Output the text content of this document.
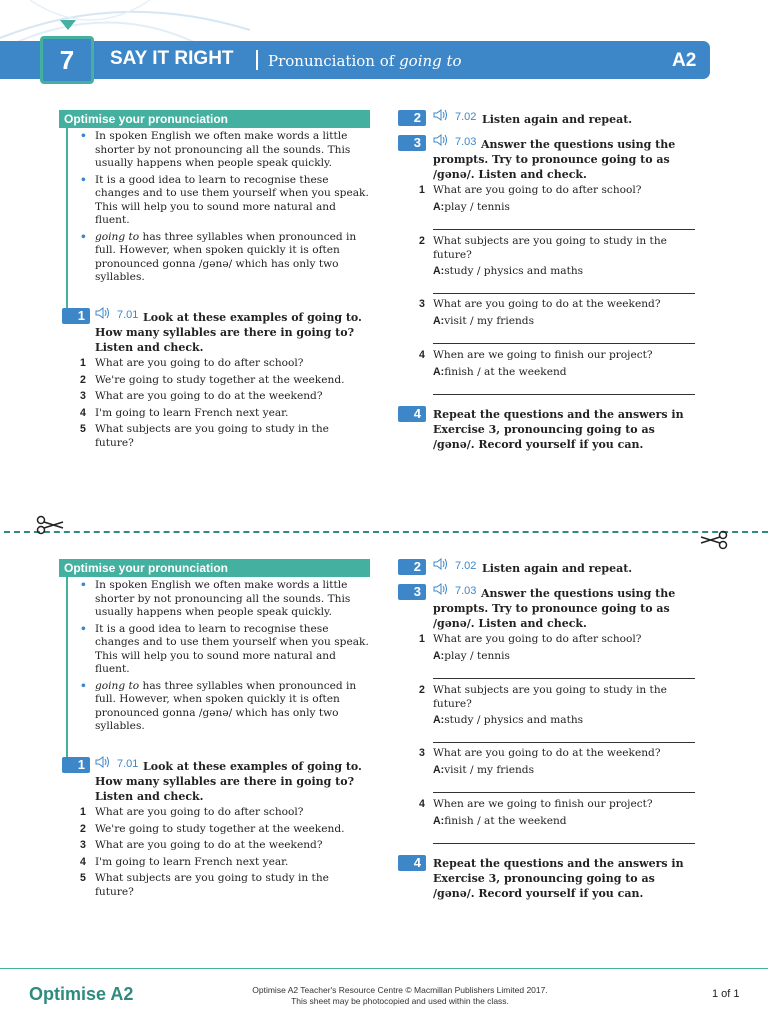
7 SAY IT RIGHT Pronunciation of going to	A2
Optimise your pronunciation
• In spoken English we often make words a little shorter by not pronouncing all the sounds. This usually happens when people speak quickly.
• It is a good idea to learn to recognise these changes and to use them yourself when you speak. This will help you to sound more natural and fluent.
• going to has three syllables when pronounced in full. However, when spoken quickly it is often pronounced gonna /gənə/ which has only two syllables.
1	7.01 Look at these examples of going to. How many syllables are there in going to? Listen and check.
1 What are you going to do after school?
2 We're going to study together at the weekend.
3 What are you going to do at the weekend?
4 I'm going to learn French next year.
5 What subjects are you going to study in the future?
2	7.02 Listen again and repeat.
3	7.03 Answer the questions using the prompts. Try to pronounce going to as /gənə/. Listen and check.
1 What are you going to do after school?
A:play / tennis
2 What subjects are you going to study in the future?
A:study / physics and maths
3 What are you going to do at the weekend?
A:visit / my friends
4 When are we going to finish our project?
A:finish / at the weekend
4	Repeat the questions and the answers in Exercise 3, pronouncing going to as /gənə/. Record yourself if you can.
Optimise your pronunciation
• In spoken English we often make words a little shorter by not pronouncing all the sounds. This usually happens when people speak quickly.
• It is a good idea to learn to recognise these changes and to use them yourself when you speak. This will help you to sound more natural and fluent.
• going to has three syllables when pronounced in full. However, when spoken quickly it is often pronounced gonna /gənə/ which has only two syllables.
1	7.01 Look at these examples of going to. How many syllables are there in going to? Listen and check.
1 What are you going to do after school?
2 We're going to study together at the weekend.
3 What are you going to do at the weekend?
4 I'm going to learn French next year.
5 What subjects are you going to study in the future?
2	7.02 Listen again and repeat.
3	7.03 Answer the questions using the prompts. Try to pronounce going to as /gənə/. Listen and check.
1 What are you going to do after school?
A:play / tennis
2 What subjects are you going to study in the future?
A:study / physics and maths
3 What are you going to do at the weekend?
A:visit / my friends
4 When are we going to finish our project?
A:finish / at the weekend
4	Repeat the questions and the answers in Exercise 3, pronouncing going to as /gənə/. Record yourself if you can.
Optimise A2	Optimise A2 Teacher's Resource Centre © Macmillan Publishers Limited 2017.
This sheet may be photocopied and used within the class.
1 of 1
